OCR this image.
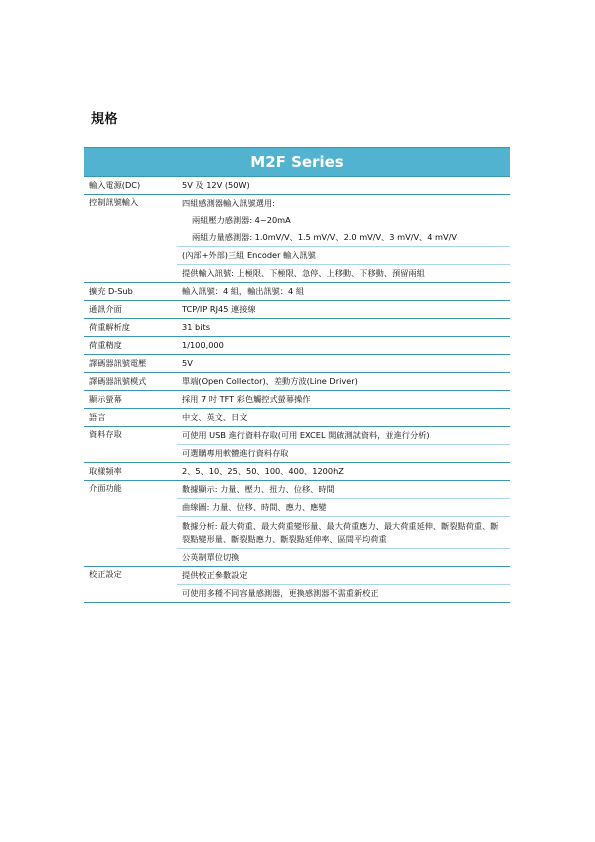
規格
M2F Series	
輸入電源(DC)	5V 及 12V (50W)

控制訊號輸入	四組感測器輸入訊號選用:
兩組壓力感測器: 4~20mA
兩組力量感測器: 1.0mV/V、1.5 mV/V、2.0 mV/V、3 mV/V、4 mV/V
(內部+外部)三組 Encoder 輸入訊號
提供輸入訊號: 上極限、下極限、急停、上移動、下移動、預留兩組

擴充 D-Sub	輸入訊號：4 組，輸出訊號：4 組

通訊介面	TCP/IP RJ45 連接線

荷重解析度	31 bits

荷重精度	1/100,000

譯碼器訊號電壓	5V

譯碼器訊號模式	單端(Open Collector)、差動方波(Line Driver)

顯示螢幕	採用 7 吋 TFT 彩色觸控式螢幕操作

語言	中文、英文、日文

資料存取	可使用 USB 進行資料存取(可用 EXCEL 開啟測試資料，並進行分析)
可選購專用軟體進行資料存取

取樣頻率	2、5、10、25、50、100、400、1200hZ

介面功能	數據顯示: 力量、壓力、扭力、位移、時間
曲線圖: 力量、位移、時間、應力、應變
數據分析: 最大荷重、最大荷重變形量、最大荷重應力、最大荷重延伸、斷裂點荷重、斷裂點變形量、斷裂點應力、斷裂點延伸率、區間平均荷重
公英制單位切換

校正設定	提供校正參數設定
可使用多種不同容量感測器，更換感測器不需重新校正
